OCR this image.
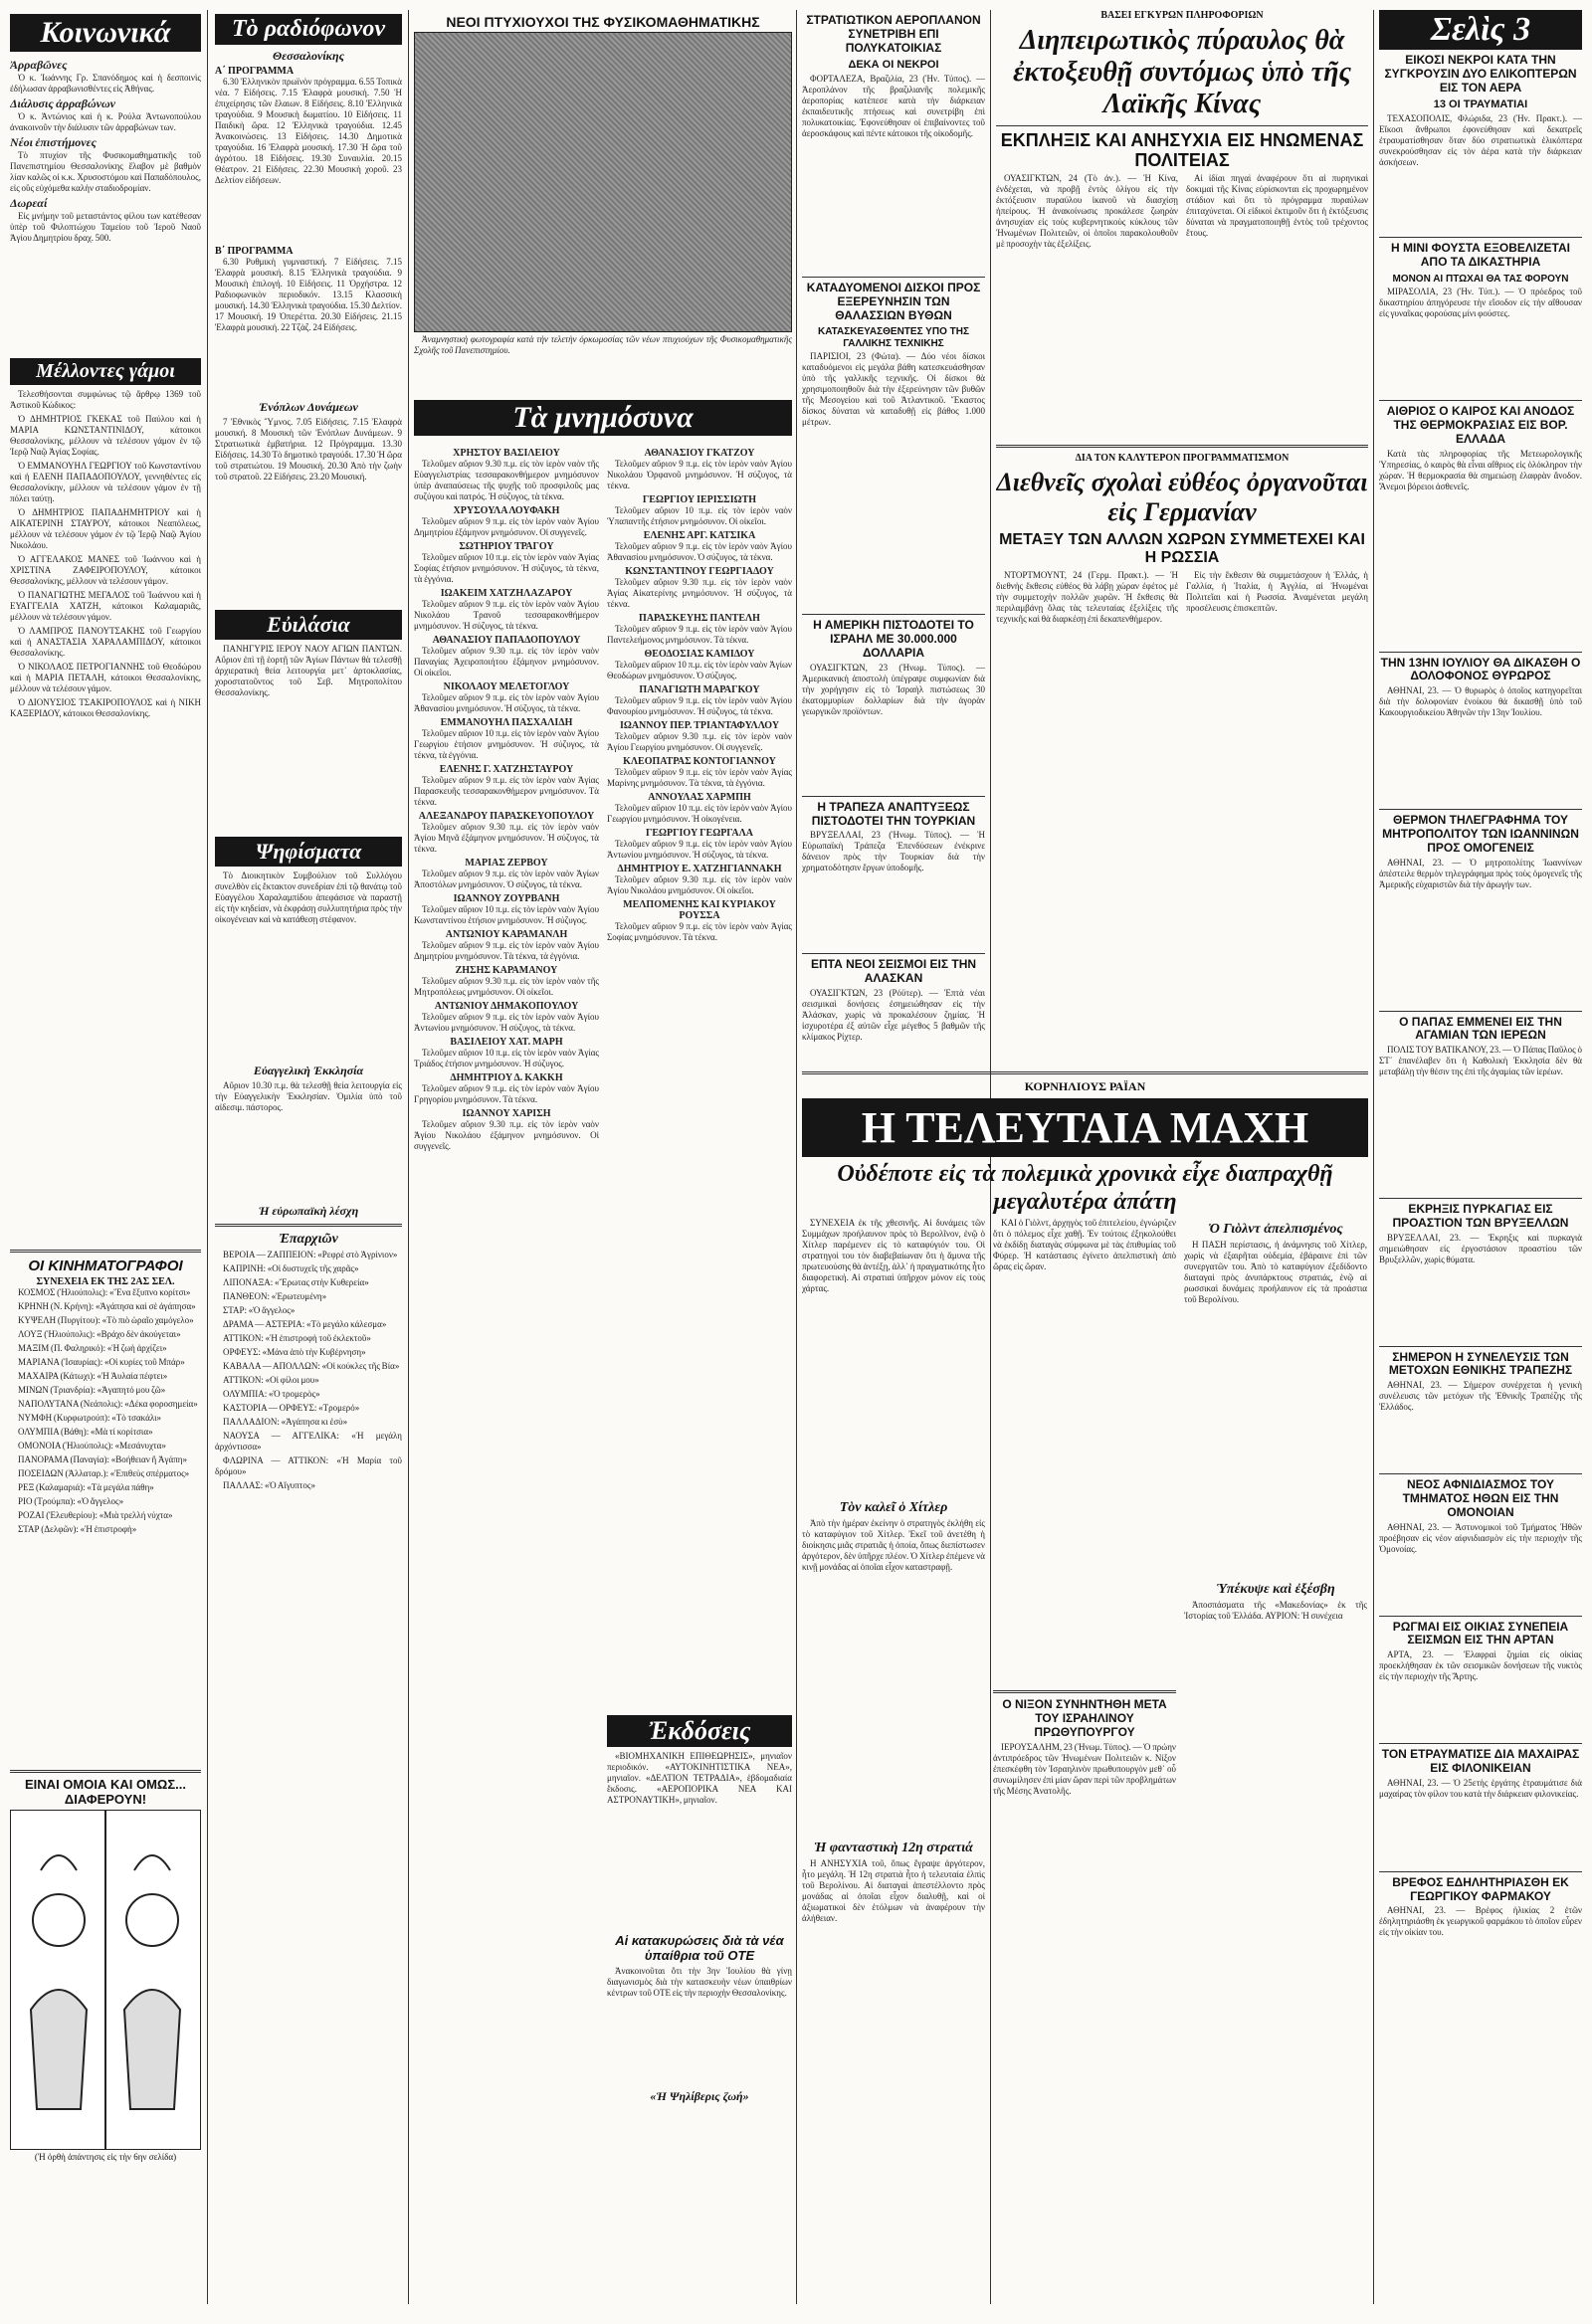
Κοινωνικά
Ἀρραβῶνες

Ὁ κ. Ἰωάννης Γρ. Σπανόδημος καὶ ἡ δεσποινὶς ἐδήλωσαν ἀρραβωνισθέντες εἰς Ἀθήνας.

Διάλυσις ἀρραβώνων

Ὁ κ. Ἀντώνιος καὶ ἡ κ. Ρούλα Ἀντωνοπούλου ἀνακοινοῦν τὴν διάλυσιν τῶν ἀρραβώνων των.

Νέοι ἐπιστήμονες

Τὸ πτυχίον τῆς Φυσικομαθηματικῆς τοῦ Πανεπιστημίου Θεσσαλονίκης ἔλαβον μὲ βαθμὸν λίαν καλῶς οἱ κ.κ. Χρυσοστόμου καὶ Παπαδόπουλος, εἰς οὓς εὐχόμεθα καλὴν σταδιοδρομίαν.

Δωρεαί

Εἰς μνήμην τοῦ μεταστάντος φίλου των κατέθεσαν ὑπὲρ τοῦ Φιλοπτώχου Ταμείου τοῦ Ἱεροῦ Ναοῦ Ἁγίου Δημητρίου δραχ. 500.

Μέλλοντες γάμοι

Τελεσθήσονται συμφώνως τῷ ἄρθρῳ 1369 τοῦ Ἀστικοῦ Κώδικος:

Ὁ ΔΗΜΗΤΡΙΟΣ ΓΚΕΚΑΣ τοῦ Παύλου καὶ ἡ ΜΑΡΙΑ ΚΩΝΣΤΑΝΤΙΝΙΔΟΥ, κάτοικοι Θεσσαλονίκης, μέλλουν νὰ τελέσουν γάμον ἐν τῷ Ἱερῷ Ναῷ Ἁγίας Σοφίας.

Ὁ ΕΜΜΑΝΟΥΗΛ ΓΕΩΡΓΙΟΥ τοῦ Κωνσταντίνου καὶ ἡ ΕΛΕΝΗ ΠΑΠΑΔΟΠΟΥΛΟΥ, γεννηθέντες εἰς Θεσσαλονίκην, μέλλουν νὰ τελέσουν γάμον ἐν τῇ πόλει ταύτῃ.

Ὁ ΔΗΜΗΤΡΙΟΣ ΠΑΠΑΔΗΜΗΤΡΙΟΥ καὶ ἡ ΑΙΚΑΤΕΡΙΝΗ ΣΤΑΥΡΟΥ, κάτοικοι Νεαπόλεως, μέλλουν νὰ τελέσουν γάμον ἐν τῷ Ἱερῷ Ναῷ Ἁγίου Νικολάου.

Ὁ ΑΓΓΕΛΑΚΟΣ ΜΑΝΕΣ τοῦ Ἰωάννου καὶ ἡ ΧΡΙΣΤΙΝΑ ΖΑΦΕΙΡΟΠΟΥΛΟΥ, κάτοικοι Θεσσαλονίκης, μέλλουν νὰ τελέσουν γάμον.

Ὁ ΠΑΝΑΓΙΩΤΗΣ ΜΕΓΑΛΟΣ τοῦ Ἰωάννου καὶ ἡ ΕΥΑΓΓΕΛΙΑ ΧΑΤΖΗ, κάτοικοι Καλαμαριᾶς, μέλλουν νὰ τελέσουν γάμον.

Ὁ ΛΑΜΠΡΟΣ ΠΑΝΟΥΤΣΑΚΗΣ τοῦ Γεωργίου καὶ ἡ ΑΝΑΣΤΑΣΙΑ ΧΑΡΑΛΑΜΠΙΔΟΥ, κάτοικοι Θεσσαλονίκης.

Ὁ ΝΙΚΟΛΑΟΣ ΠΕΤΡΟΓΙΑΝΝΗΣ τοῦ Θεοδώρου καὶ ἡ ΜΑΡΙΑ ΠΕΤΑΛΗ, κάτοικοι Θεσσαλονίκης, μέλλουν νὰ τελέσουν γάμον.

Ὁ ΔΙΟΝΥΣΙΟΣ ΤΣΑΚΙΡΟΠΟΥΛΟΣ καὶ ἡ ΝΙΚΗ ΚΑΞΕΡΙΔΟΥ, κάτοικοι Θεσσαλονίκης.

ΟΙ ΚΙΝΗΜΑΤΟΓΡΑΦΟΙ
ΣΥΝΕΧΕΙΑ ΕΚ ΤΗΣ 2ΑΣ ΣΕΛ.

ΚΟΣΜΟΣ (Ἡλιούπολις): «Ἕνα ἔξυπνο κορίτσι»

ΚΡΗΝΗ (Ν. Κρήνη): «Ἀγάπησα καὶ σὲ ἀγάπησα»

ΚΥΨΕΛΗ (Πυργίτου): «Τὸ πιὸ ὡραῖο χαμόγελο»

ΛΟΥΞ (Ἡλιούπολις): «Βράχο δὲν ἀκούγεται»

ΜΑΞΙΜ (Π. Φαληρικό): «Ἡ ζωὴ ἀρχίζει»

ΜΑΡΙΑΝΑ (Ἰσαυρίας): «Οἱ κυρίες τοῦ Μπάρ»

ΜΑΧΑΙΡΑ (Κάτωχι): «Ἡ Ἀυλαία πέφτει»

ΜΙΝΩΝ (Τριανδρία): «Ἀγαπητό μου ζῶ»

ΝΑΠΟΛΥΤΑΝΑ (Νεάπολις): «Δέκα φοροσημεία»

ΝΥΜΦΗ (Κυρφωτρούπ): «Τὸ τσακάλι»

ΟΛΥΜΠΙΑ (Βάθη): «Μὰ τί κορίτσια»

ΟΜΟΝΟΙΑ (Ἡλιούπολις): «Μεσάνυχτα»

ΠΑΝΟΡΑΜΑ (Παναγία): «Βοήθειαν ἢ Ἀγάπη»

ΠΟΣΕΙΔΩΝ (Ἀλλαταρ.): «Ἐπιθεὺς σπέρματος»

ΡΕΞ (Καλαμαριά): «Τὰ μεγάλα πάθη»

ΡΙΟ (Τρούμπα): «Ὁ ἄγγελος»

ΡΟΖΑΙ (Ἐλευθερίου): «Μιὰ τρελλή νύχτα»

ΣΤΑΡ (Δελφῶν): «Ἡ ἐπιστροφὴ»

ΕΙΝΑΙ ΟΜΟΙΑ ΚΑΙ ΟΜΩΣ... ΔΙΑΦΕΡΟΥΝ!
(Ἡ ὀρθὴ ἀπάντησις εἰς τὴν 6ην σελίδα)
Τὸ ραδιόφωνον
Θεσσαλονίκης
Α΄ ΠΡΟΓΡΑΜΜΑ

6.30 Ἑλληνικὸν πρωϊνὸν πρόγραμμα. 6.55 Τοπικὰ νέα. 7 Εἰδήσεις. 7.15 Ἐλαφρὰ μουσική. 7.50 Ἡ ἐπιχείρησις τῶν ἔλαιων. 8 Εἰδήσεις. 8.10 Ἑλληνικὰ τραγούδια. 9 Μουσικὴ δωματίου. 10 Εἰδήσεις. 11 Παιδικὴ ὥρα. 12 Ἑλληνικὰ τραγούδια. 12.45 Ἀνακοινώσεις. 13 Εἰδήσεις. 14.30 Δημοτικὰ τραγούδια. 16 Ἐλαφρὰ μουσική. 17.30 Ἡ ὥρα τοῦ ἀγρότου. 18 Εἰδήσεις. 19.30 Συναυλία. 20.15 Θέατρον. 21 Εἰδήσεις. 22.30 Μουσικὴ χοροῦ. 23 Δελτίον εἰδήσεων.

Β΄ ΠΡΟΓΡΑΜΜΑ

6.30 Ρυθμικὴ γυμναστική. 7 Εἰδήσεις. 7.15 Ἐλαφρὰ μουσική. 8.15 Ἑλληνικὰ τραγούδια. 9 Μουσικὴ ἐπιλογή. 10 Εἰδήσεις. 11 Ὀρχήστρα. 12 Ραδιοφωνικὸν περιοδικόν. 13.15 Κλασσικὴ μουσική. 14.30 Ἑλληνικὰ τραγούδια. 15.30 Δελτίον. 17 Μουσική. 19 Ὀπερέττα. 20.30 Εἰδήσεις. 21.15 Ἐλαφρὰ μουσική. 22 Τζὰζ. 24 Εἰδήσεις.

Ἐνόπλων Δυνάμεων

7 Ἐθνικὸς Ὕμνος. 7.05 Εἰδήσεις. 7.15 Ἐλαφρὰ μουσική. 8 Μουσικὴ τῶν Ἐνόπλων Δυνάμεων. 9 Στρατιωτικὰ ἐμβατήρια. 12 Πρόγραμμα. 13.30 Εἰδήσεις. 14.30 Τὸ δημοτικὸ τραγούδι. 17.30 Ἡ ὥρα τοῦ στρατιώτου. 19 Μουσική. 20.30 Ἀπὸ τὴν ζωὴν τοῦ στρατοῦ. 22 Εἰδήσεις. 23.20 Μουσική.

Εὐιλάσια

ΠΑΝΗΓΥΡΙΣ ΙΕΡΟΥ ΝΑΟΥ ΑΓΙΩΝ ΠΑΝΤΩΝ. Αὔριον ἐπὶ τῇ ἑορτῇ τῶν Ἁγίων Πάντων θὰ τελεσθῇ ἀρχιερατικὴ θεία λειτουργία μετ᾽ ἀρτοκλασίας, χοροστατοῦντος τοῦ Σεβ. Μητροπολίτου Θεσσαλονίκης.

Ψηφίσματα

Τὸ Διοικητικὸν Συμβούλιον τοῦ Συλλόγου συνελθὸν εἰς ἔκτακτον συνεδρίαν ἐπὶ τῷ θανάτῳ τοῦ Εὐαγγέλου Χαραλαμπίδου ἀπεφάσισε νὰ παραστῇ εἰς τὴν κηδείαν, νὰ ἐκφράσῃ συλλυπητήρια πρὸς τὴν οἰκογένειαν καὶ νὰ κατάθεσῃ στέφανον.

Εὐαγγελικὴ Ἐκκλησία

Αὔριον 10.30 π.μ. θὰ τελεσθῇ θεία λειτουργία εἰς τὴν Εὐαγγελικὴν Ἐκκλησίαν. Ὁμιλία ὑπὸ τοῦ αἰδεσιμ. πάστορος.

Ἡ εὐρωπαϊκὴ λέσχη
Ἐπαρχιῶν

ΒΕΡΟΙΑ — ΖΑΠΠΕΙΟΝ: «Ρεφρέ στὸ Ἀγρίνιον»

ΚΑΠΡΙΝΗ: «Οἱ δυστυχεῖς τῆς χαρᾶς»

ΛΙΠΟΝΑΞΑ: «Ἔρωτας στὴν Κυθερεία»

ΠΑΝΘΕΟΝ: «Ἐρωτευμένη»

ΣΤΑΡ: «Ὁ ἄγγελος»

ΔΡΑΜΑ — ΑΣΤΕΡΙΑ: «Τὸ μεγάλο κάλεσμα»

ΑΤΤΙΚΟΝ: «Ἡ ἐπιστροφὴ τοῦ ἐκλεκτοῦ»

ΟΡΦΕΥΣ: «Μάνα ἀπὸ τὴν Κυβέρνηση»

ΚΑΒΑΛΑ — ΑΠΟΛΛΩΝ: «Οἱ κούκλες τῆς Βία»

ΑΤΤΙΚΟΝ: «Οἱ φίλοι μου»

ΟΛΥΜΠΙΑ: «Ὁ τρομερὸς»

ΚΑΣΤΟΡΙΑ — ΟΡΦΕΥΣ: «Τρομερό»

ΠΑΛΛΑΔΙΟΝ: «Ἀγάπησα κι ἐσὺ»

ΝΑΟΥΣΑ — ΑΓΓΕΛΙΚΑ: «Ἡ μεγάλη ἀρχόντισσα»

ΦΛΩΡΙΝΑ — ΑΤΤΙΚΟΝ: «Ἡ Μαρία τοῦ δρόμου»

ΠΑΛΛΑΣ: «Ὁ Αἴγυπτος»

ΝΕΟΙ ΠΤΥΧΙΟΥΧΟΙ ΤΗΣ ΦΥΣΙΚΟΜΑΘΗΜΑΤΙΚΗΣ

Ἀναμνηστικὴ φωτογραφία κατὰ τὴν τελετὴν ὁρκωμοσίας τῶν νέων πτυχιούχων τῆς Φυσικομαθηματικῆς Σχολῆς τοῦ Πανεπιστημίου.

Τὰ μνημόσυνα
ΧΡΗΣΤΟΥ ΒΑΣΙΛΕΙΟΥ

Τελοῦμεν αὔριον 9.30 π.μ. εἰς τὸν ἱερὸν ναὸν τῆς Εὐαγγελιστρίας τεσσαρακονθήμερον μνημόσυνον ὑπὲρ ἀναπαύσεως τῆς ψυχῆς τοῦ προσφιλοῦς μας συζύγου καὶ πατρός. Ἡ σύζυγος, τὰ τέκνα.

ΧΡΥΣΟΥΛΑ ΛΟΥΦΑΚΗ

Τελοῦμεν αὔριον 9 π.μ. εἰς τὸν ἱερὸν ναὸν Ἁγίου Δημητρίου ἐξάμηνον μνημόσυνον. Οἱ συγγενεῖς.

ΣΩΤΗΡΙΟΥ ΤΡΑΓΟΥ

Τελοῦμεν αὔριον 10 π.μ. εἰς τὸν ἱερὸν ναὸν Ἁγίας Σοφίας ἐτήσιον μνημόσυνον. Ἡ σύζυγος, τὰ τέκνα, τὰ ἐγγόνια.

ΙΩΑΚΕΙΜ ΧΑΤΖΗΛΑΖΑΡΟΥ

Τελοῦμεν αὔριον 9 π.μ. εἰς τὸν ἱερὸν ναὸν Ἁγίου Νικολάου Τρανοῦ τεσσαρακονθήμερον μνημόσυνον. Ἡ σύζυγος, τὰ τέκνα.

ΑΘΑΝΑΣΙΟΥ ΠΑΠΑΔΟΠΟΥΛΟΥ

Τελοῦμεν αὔριον 9.30 π.μ. εἰς τὸν ἱερὸν ναὸν Παναγίας Ἀχειροποιήτου ἐξάμηνον μνημόσυνον. Οἱ οἰκεῖοι.

ΝΙΚΟΛΑΟΥ ΜΕΛΕΤΟΓΛΟΥ

Τελοῦμεν αὔριον 9 π.μ. εἰς τὸν ἱερὸν ναὸν Ἁγίου Ἀθανασίου μνημόσυνον. Ἡ σύζυγος, τὰ τέκνα.

ΕΜΜΑΝΟΥΗΛ ΠΑΣΧΑΛΙΔΗ

Τελοῦμεν αὔριον 10 π.μ. εἰς τὸν ἱερὸν ναὸν Ἁγίου Γεωργίου ἐτήσιον μνημόσυνον. Ἡ σύζυγος, τὰ τέκνα, τὰ ἐγγόνια.

ΕΛΕΝΗΣ Γ. ΧΑΤΖΗΣΤΑΥΡΟΥ

Τελοῦμεν αὔριον 9 π.μ. εἰς τὸν ἱερὸν ναὸν Ἁγίας Παρασκευῆς τεσσαρακονθήμερον μνημόσυνον. Τὰ τέκνα.

ΑΛΕΞΑΝΔΡΟΥ ΠΑΡΑΣΚΕΥΟΠΟΥΛΟΥ

Τελοῦμεν αὔριον 9.30 π.μ. εἰς τὸν ἱερὸν ναὸν Ἁγίου Μηνᾶ ἐξάμηνον μνημόσυνον. Ἡ σύζυγος, τὰ τέκνα.

ΜΑΡΙΑΣ ΖΕΡΒΟΥ

Τελοῦμεν αὔριον 9 π.μ. εἰς τὸν ἱερὸν ναὸν Ἁγίων Ἀποστόλων μνημόσυνον. Ὁ σύζυγος, τὰ τέκνα.

ΙΩΑΝΝΟΥ ΖΟΥΡΒΑΝΗ

Τελοῦμεν αὔριον 10 π.μ. εἰς τὸν ἱερὸν ναὸν Ἁγίου Κωνσταντίνου ἐτήσιον μνημόσυνον. Ἡ σύζυγος.

ΑΝΤΩΝΙΟΥ ΚΑΡΑΜΑΝΛΗ

Τελοῦμεν αὔριον 9 π.μ. εἰς τὸν ἱερὸν ναὸν Ἁγίου Δημητρίου μνημόσυνον. Τὰ τέκνα, τὰ ἐγγόνια.

ΖΗΣΗΣ ΚΑΡΑΜΑΝΟΥ

Τελοῦμεν αὔριον 9.30 π.μ. εἰς τὸν ἱερὸν ναὸν τῆς Μητροπόλεως μνημόσυνον. Οἱ οἰκεῖοι.

ΑΝΤΩΝΙΟΥ ΔΗΜΑΚΟΠΟΥΛΟΥ

Τελοῦμεν αὔριον 9 π.μ. εἰς τὸν ἱερὸν ναὸν Ἁγίου Ἀντωνίου μνημόσυνον. Ἡ σύζυγος, τὰ τέκνα.

ΒΑΣΙΛΕΙΟΥ ΧΑΤ. ΜΑΡΗ

Τελοῦμεν αὔριον 10 π.μ. εἰς τὸν ἱερὸν ναὸν Ἁγίας Τριάδος ἐτήσιον μνημόσυνον. Ἡ σύζυγος.

ΔΗΜΗΤΡΙΟΥ Δ. ΚΑΚΚΗ

Τελοῦμεν αὔριον 9 π.μ. εἰς τὸν ἱερὸν ναὸν Ἁγίου Γρηγορίου μνημόσυνον. Τὰ τέκνα.

ΙΩΑΝΝΟΥ ΧΑΡΙΣΗ

Τελοῦμεν αὔριον 9.30 π.μ. εἰς τὸν ἱερὸν ναὸν Ἁγίου Νικολάου ἐξάμηνον μνημόσυνον. Οἱ συγγενεῖς.

ΑΘΑΝΑΣΙΟΥ ΓΚΑΤΖΟΥ

Τελοῦμεν αὔριον 9 π.μ. εἰς τὸν ἱερὸν ναὸν Ἁγίου Νικολάου Ὀρφανοῦ μνημόσυνον. Ἡ σύζυγος, τὰ τέκνα.

ΓΕΩΡΓΙΟΥ ΙΕΡΙΣΣΙΩΤΗ

Τελοῦμεν αὔριον 10 π.μ. εἰς τὸν ἱερὸν ναὸν Ὑπαπαντῆς ἐτήσιον μνημόσυνον. Οἱ οἰκεῖοι.

ΕΛΕΝΗΣ ΑΡΓ. ΚΑΤΣΙΚΑ

Τελοῦμεν αὔριον 9 π.μ. εἰς τὸν ἱερὸν ναὸν Ἁγίου Ἀθανασίου μνημόσυνον. Ὁ σύζυγος, τὰ τέκνα.

ΚΩΝΣΤΑΝΤΙΝΟΥ ΓΕΩΡΓΙΑΔΟΥ

Τελοῦμεν αὔριον 9.30 π.μ. εἰς τὸν ἱερὸν ναὸν Ἁγίας Αἰκατερίνης μνημόσυνον. Ἡ σύζυγος, τὰ τέκνα.

ΠΑΡΑΣΚΕΥΗΣ ΠΑΝΤΕΛΗ

Τελοῦμεν αὔριον 9 π.μ. εἰς τὸν ἱερὸν ναὸν Ἁγίου Παντελεήμονος μνημόσυνον. Τὰ τέκνα.

ΘΕΟΔΟΣΙΑΣ ΚΑΜΙΔΟΥ

Τελοῦμεν αὔριον 10 π.μ. εἰς τὸν ἱερὸν ναὸν Ἁγίων Θεοδώρων μνημόσυνον. Ὁ σύζυγος.

ΠΑΝΑΓΙΩΤΗ ΜΑΡΑΓΚΟΥ

Τελοῦμεν αὔριον 9 π.μ. εἰς τὸν ἱερὸν ναὸν Ἁγίου Φανουρίου μνημόσυνον. Ἡ σύζυγος, τὰ τέκνα.

ΙΩΑΝΝΟΥ ΠΕΡ. ΤΡΙΑΝΤΑΦΥΛΛΟΥ

Τελοῦμεν αὔριον 9.30 π.μ. εἰς τὸν ἱερὸν ναὸν Ἁγίου Γεωργίου μνημόσυνον. Οἱ συγγενεῖς.

ΚΛΕΟΠΑΤΡΑΣ ΚΟΝΤΟΓΙΑΝΝΟΥ

Τελοῦμεν αὔριον 9 π.μ. εἰς τὸν ἱερὸν ναὸν Ἁγίας Μαρίνης μνημόσυνον. Τὰ τέκνα, τὰ ἐγγόνια.

ΑΝΝΟΥΛΑΣ ΧΑΡΜΠΗ

Τελοῦμεν αὔριον 10 π.μ. εἰς τὸν ἱερὸν ναὸν Ἁγίου Γεωργίου μνημόσυνον. Ἡ οἰκογένεια.

ΓΕΩΡΓΙΟΥ ΓΕΩΡΓΑΛΑ

Τελοῦμεν αὔριον 9 π.μ. εἰς τὸν ἱερὸν ναὸν Ἁγίου Ἀντωνίου μνημόσυνον. Ἡ σύζυγος, τὰ τέκνα.

ΔΗΜΗΤΡΙΟΥ Ε. ΧΑΤΖΗΓΙΑΝΝΑΚΗ

Τελοῦμεν αὔριον 9.30 π.μ. εἰς τὸν ἱερὸν ναὸν Ἁγίου Νικολάου μνημόσυνον. Οἱ οἰκεῖοι.

ΜΕΛΠΟΜΕΝΗΣ ΚΑΙ ΚΥΡΙΑΚΟΥ ΡΟΥΣΣΑ

Τελοῦμεν αὔριον 9 π.μ. εἰς τὸν ἱερὸν ναὸν Ἁγίας Σοφίας μνημόσυνον. Τὰ τέκνα.

Ἐκδόσεις

«ΒΙΟΜΗΧΑΝΙΚΗ ΕΠΙΘΕΩΡΗΣΙΣ», μηνιαῖον περιοδικόν. «ΑΥΤΟΚΙΝΗΤΙΣΤΙΚΑ ΝΕΑ», μηνιαῖον. «ΔΕΛΤΙΟΝ ΤΕΤΡΑΔΙΑ», ἑβδομαδιαία ἔκδοσις. «ΑΕΡΟΠΟΡΙΚΑ ΝΕΑ ΚΑΙ ΑΣΤΡΟΝΑΥΤΙΚΗ», μηνιαῖον.

Αἱ κατακυρώσεις διὰ τὰ νέα ὑπαίθρια τοῦ ΟΤΕ

Ἀνακοινοῦται ὅτι τὴν 3ην Ἰουλίου θὰ γίνῃ διαγωνισμὸς διὰ τὴν κατασκευὴν νέων ὑπαιθρίων κέντρων τοῦ ΟΤΕ εἰς τὴν περιοχὴν Θεσσαλονίκης.

«Ἡ Ψηλίβερις ζωή»
ΣΤΡΑΤΙΩΤΙΚΟΝ ΑΕΡΟΠΛΑΝΟΝ ΣΥΝΕΤΡΙΒΗ ΕΠΙ ΠΟΛΥΚΑΤΟΙΚΙΑΣ
ΔΕΚΑ ΟΙ ΝΕΚΡΟΙ

ΦΟΡΤΑΛΕΖΑ, Βραζιλία, 23 (Ἠν. Τύπος). — Ἀεροπλάνον τῆς βραζιλιανῆς πολεμικῆς ἀεροπορίας κατέπεσε κατὰ τὴν διάρκειαν ἐκπαιδευτικῆς πτήσεως καὶ συνετρίβη ἐπὶ πολυκατοικίας. Ἐφονεύθησαν οἱ ἐπιβαίνοντες τοῦ ἀεροσκάφους καὶ πέντε κάτοικοι τῆς οἰκοδομῆς.

ΚΑΤΑΔΥΟΜΕΝΟΙ ΔΙΣΚΟΙ ΠΡΟΣ ΕΞΕΡΕΥΝΗΣΙΝ ΤΩΝ ΘΑΛΑΣΣΙΩΝ ΒΥΘΩΝ
ΚΑΤΑΣΚΕΥΑΣΘΕΝΤΕΣ ΥΠΟ ΤΗΣ ΓΑΛΛΙΚΗΣ ΤΕΧΝΙΚΗΣ

ΠΑΡΙΣΙΟΙ, 23 (Φώτα). — Δύο νέοι δίσκοι καταδυόμενοι εἰς μεγάλα βάθη κατεσκευάσθησαν ὑπὸ τῆς γαλλικῆς τεχνικῆς. Οἱ δίσκοι θὰ χρησιμοποιηθοῦν διὰ τὴν ἐξερεύνησιν τῶν βυθῶν τῆς Μεσογείου καὶ τοῦ Ἀτλαντικοῦ. Ἕκαστος δίσκος δύναται νὰ καταδυθῇ εἰς βάθος 1.000 μέτρων.

Η ΑΜΕΡΙΚΗ ΠΙΣΤΟΔΟΤΕΙ ΤΟ ΙΣΡΑΗΛ ΜΕ 30.000.000 ΔΟΛΛΑΡΙΑ

ΟΥΑΣΙΓΚΤΩΝ, 23 (Ἠνωμ. Τύπος). — Ἀμερικανικὴ ἀποστολὴ ὑπέγραψε συμφωνίαν διὰ τὴν χορήγησιν εἰς τὸ Ἰσραὴλ πιστώσεως 30 ἑκατομμυρίων δολλαρίων διὰ τὴν ἀγορὰν γεωργικῶν προϊόντων.

Η ΤΡΑΠΕΖΑ ΑΝΑΠΤΥΞΕΩΣ ΠΙΣΤΟΔΟΤΕΙ ΤΗΝ ΤΟΥΡΚΙΑΝ

ΒΡΥΞΕΛΛΑΙ, 23 (Ἠνωμ. Τύπος). — Ἡ Εὐρωπαϊκὴ Τράπεζα Ἐπενδύσεων ἐνέκρινε δάνειον πρὸς τὴν Τουρκίαν διὰ τὴν χρηματοδότησιν ἔργων ὑποδομῆς.

ΕΠΤΑ ΝΕΟΙ ΣΕΙΣΜΟΙ ΕΙΣ ΤΗΝ ΑΛΑΣΚΑΝ

ΟΥΑΣΙΓΚΤΩΝ, 23 (Ρόϋτερ). — Ἑπτὰ νέαι σεισμικαὶ δονήσεις ἐσημειώθησαν εἰς τὴν Ἀλάσκαν, χωρὶς νὰ προκαλέσουν ζημίας. Ἡ ἰσχυροτέρα ἐξ αὐτῶν εἶχε μέγεθος 5 βαθμῶν τῆς κλίμακος Ρίχτερ.

ΒΑΣΕΙ ΕΓΚΥΡΩΝ ΠΛΗΡΟΦΟΡΙΩΝ
Διηπειρωτικὸς πύραυλος θὰ ἐκτοξευθῇ συντόμως ὑπὸ τῆς Λαϊκῆς Κίνας
ΕΚΠΛΗΞΙΣ ΚΑΙ ΑΝΗΣΥΧΙΑ ΕΙΣ ΗΝΩΜΕΝΑΣ ΠΟΛΙΤΕΙΑΣ

ΟΥΑΣΙΓΚΤΩΝ, 24 (Τὸ ἀν.). — Ἡ Κίνα, ἐνδέχεται, νὰ προβῇ ἐντὸς ὀλίγου εἰς τὴν ἐκτόξευσιν πυραύλου ἱκανοῦ νὰ διασχίσῃ ἠπείρους. Ἡ ἀνακοίνωσις προκάλεσε ζωηρὰν ἀνησυχίαν εἰς τοὺς κυβερνητικοὺς κύκλους τῶν Ἠνωμένων Πολιτειῶν, οἱ ὁποῖοι παρακολουθοῦν μὲ προσοχὴν τὰς ἐξελίξεις.

Αἱ ἰδίαι πηγαὶ ἀναφέρουν ὅτι αἱ πυρηνικαὶ δοκιμαὶ τῆς Κίνας εὑρίσκονται εἰς προχωρημένον στάδιον καὶ ὅτι τὸ πρόγραμμα πυραύλων ἐπιταχύνεται. Οἱ εἰδικοὶ ἐκτιμοῦν ὅτι ἡ ἐκτόξευσις δύναται νὰ πραγματοποιηθῇ ἐντὸς τοῦ τρέχοντος ἔτους.

ΔΙΑ ΤΟΝ ΚΑΛΥΤΕΡΟΝ ΠΡΟΓΡΑΜΜΑΤΙΣΜΟΝ
Διεθνεῖς σχολαὶ εὐθέος ὀργανοῦται εἰς Γερμανίαν
ΜΕΤΑΞΥ ΤΩΝ ΑΛΛΩΝ ΧΩΡΩΝ ΣΥΜΜΕΤΕΧΕΙ ΚΑΙ Η ΡΩΣΣΙΑ

ΝΤΟΡΤΜΟΥΝΤ, 24 (Γερμ. Πρακτ.). — Ἡ διεθνὴς ἔκθεσις εὐθέος θὰ λάβῃ χώραν ἐφέτος μὲ τὴν συμμετοχὴν πολλῶν χωρῶν. Ἡ ἔκθεσις θὰ περιλαμβάνῃ ὅλας τὰς τελευταίας ἐξελίξεις τῆς τεχνικῆς καὶ θὰ διαρκέσῃ ἐπὶ δεκαπενθήμερον.

Εἰς τὴν ἔκθεσιν θὰ συμμετάσχουν ἡ Ἑλλάς, ἡ Γαλλία, ἡ Ἰταλία, ἡ Ἀγγλία, αἱ Ἠνωμέναι Πολιτεῖαι καὶ ἡ Ρωσσία. Ἀναμένεται μεγάλη προσέλευσις ἐπισκεπτῶν.

ΚΟΡΝΗΛΙΟΥΣ ΡΑΪΑΝ
Η ΤΕΛΕΥΤΑΙΑ ΜΑΧΗ
Οὐδέποτε εἰς τὰ πολεμικὰ χρονικὰ εἶχε διαπραχθῇ μεγαλυτέρα ἀπάτη

ΣΥΝΕΧΕΙΑ ἐκ τῆς χθεσινῆς. Αἱ δυνάμεις τῶν Συμμάχων προήλαυνον πρὸς τὸ Βερολῖνον, ἐνῷ ὁ Χίτλερ παρέμενεν εἰς τὸ καταφύγιόν του. Οἱ στρατηγοὶ του τὸν διαβεβαίωναν ὅτι ἡ ἄμυνα τῆς πρωτευούσης θὰ ἀντέξῃ, ἀλλ᾽ ἡ πραγματικότης ἦτο διαφορετική. Αἱ στρατιαὶ ὑπῆρχον μόνον εἰς τοὺς χάρτας.

Τὸν καλεῖ ὁ Χίτλερ

Ἀπὸ τὴν ἡμέραν ἐκείνην ὁ στρατηγὸς ἐκλήθη εἰς τὸ καταφύγιον τοῦ Χίτλερ. Ἐκεῖ τοῦ ἀνετέθη ἡ διοίκησις μιᾶς στρατιᾶς ἡ ὁποία, ὅπως διεπίστωσεν ἀργότερον, δὲν ὑπῆρχε πλέον. Ὁ Χίτλερ ἐπέμενε νὰ κινῇ μονάδας αἱ ὁποῖαι εἶχον καταστραφῇ.

Ἡ φανταστικὴ 12η στρατιά

Η ΑΝΗΣΥΧΙΑ τοῦ, ὅπως ἔγραψε ἀργότερον, ἦτο μεγάλη. Ἡ 12η στρατιὰ ἦτο ἡ τελευταία ἐλπὶς τοῦ Βερολίνου. Αἱ διαταγαὶ ἀπεστέλλοντο πρὸς μονάδας αἱ ὁποῖαι εἶχον διαλυθῇ, καὶ οἱ ἀξιωματικοὶ δὲν ἐτόλμων νὰ ἀναφέρουν τὴν ἀλήθειαν.

ΚΑΙ ὁ Γιὸλντ, ἀρχηγὸς τοῦ ἐπιτελείου, ἐγνώριζεν ὅτι ὁ πόλεμος εἶχε χαθῇ. Ἐν τούτοις ἐξηκολούθει νὰ ἐκδίδῃ διαταγὰς σύμφωνα μὲ τὰς ἐπιθυμίας τοῦ Φύρερ. Ἡ κατάστασις ἐγίνετο ἀπελπιστικὴ ἀπὸ ὥρας εἰς ὥραν.

Ο ΝΙΞΟΝ ΣΥΝΗΝΤΗΘΗ ΜΕΤΑ ΤΟΥ ΙΣΡΑΗΛΙΝΟΥ ΠΡΩΘΥΠΟΥΡΓΟΥ

ΙΕΡΟΥΣΑΛΗΜ, 23 (Ἠνωμ. Τύπος). — Ὁ πρώην ἀντιπρόεδρος τῶν Ἠνωμένων Πολιτειῶν κ. Νίξον ἐπεσκέφθη τὸν Ἰσραηλινὸν πρωθυπουργὸν μεθ᾽ οὗ συνωμίλησεν ἐπὶ μίαν ὥραν περὶ τῶν προβλημάτων τῆς Μέσης Ἀνατολῆς.

Ὁ Γιὸλντ ἀπελπισμένος

Η ΠΑΣΗ περίστασις, ἡ ἀνάμνησις τοῦ Χίτλερ, χωρὶς νὰ ἐξαιρῆται οὐδεμία, ἐβάραινε ἐπὶ τῶν συνεργατῶν του. Ἀπὸ τὸ καταφύγιον ἐξεδίδοντο διαταγαὶ πρὸς ἀνυπάρκτους στρατιάς, ἐνῷ αἱ ρωσσικαὶ δυνάμεις προήλαυνον εἰς τὰ προάστια τοῦ Βερολίνου.

Ὑπέκυψε καὶ ἐξέσβη

Ἀποσπάσματα τῆς «Μακεδονίας» ἐκ τῆς Ἱστορίας τοῦ Ἐλλάδα. ΑΥΡΙΟΝ: Ἡ συνέχεια

Σελὶς 3
ΕΙΚΟΣΙ ΝΕΚΡΟΙ ΚΑΤΑ ΤΗΝ ΣΥΓΚΡΟΥΣΙΝ ΔΥΟ ΕΛΙΚΟΠΤΕΡΩΝ ΕΙΣ ΤΟΝ ΑΕΡΑ
13 ΟΙ ΤΡΑΥΜΑΤΙΑΙ

ΤΕΧΑΣΟΠΟΛΙΣ, Φλώριδα, 23 (Ἠν. Πρακτ.). — Εἴκοσι ἄνθρωποι ἐφονεύθησαν καὶ δεκατρεῖς ἐτραυματίσθησαν ὅταν δύο στρατιωτικὰ ἑλικόπτερα συνεκρούσθησαν εἰς τὸν ἀέρα κατὰ τὴν διάρκειαν ἀσκήσεων.

Η ΜΙΝΙ ΦΟΥΣΤΑ ΕΞΟΒΕΛΙΖΕΤΑΙ ΑΠΟ ΤΑ ΔΙΚΑΣΤΗΡΙΑ
ΜΟΝΟΝ ΑΙ ΠΤΩΧΑΙ ΘΑ ΤΑΣ ΦΟΡΟΥΝ

ΜΙΡΑΣΟΛΙΑ, 23 (Ἠν. Τύπ.). — Ὁ πρόεδρος τοῦ δικαστηρίου ἀπηγόρευσε τὴν εἴσοδον εἰς τὴν αἴθουσαν εἰς γυναῖκας φορούσας μίνι φούστες.

ΑΙΘΡΙΟΣ Ο ΚΑΙΡΟΣ ΚΑΙ ΑΝΟΔΟΣ ΤΗΣ ΘΕΡΜΟΚΡΑΣΙΑΣ ΕΙΣ ΒΟΡ. ΕΛΛΑΔΑ

Κατὰ τὰς πληροφορίας τῆς Μετεωρολογικῆς Ὑπηρεσίας, ὁ καιρὸς θὰ εἶναι αἴθριος εἰς ὁλόκληρον τὴν χώραν. Ἡ θερμοκρασία θὰ σημειώσῃ ἐλαφρὰν ἄνοδον. Ἄνεμοι βόρειοι ἀσθενεῖς.

ΤΗΝ 13ΗΝ ΙΟΥΛΙΟΥ ΘΑ ΔΙΚΑΣΘΗ Ο ΔΟΛΟΦΟΝΟΣ ΘΥΡΩΡΟΣ

ΑΘΗΝΑΙ, 23. — Ὁ θυρωρὸς ὁ ὁποῖος κατηγορεῖται διὰ τὴν δολοφονίαν ἐνοίκου θὰ δικασθῇ ὑπὸ τοῦ Κακουργιοδικείου Ἀθηνῶν τὴν 13ην Ἰουλίου.

ΘΕΡΜΟΝ ΤΗΛΕΓΡΑΦΗΜΑ ΤΟΥ ΜΗΤΡΟΠΟΛΙΤΟΥ ΤΩΝ ΙΩΑΝΝΙΝΩΝ ΠΡΟΣ ΟΜΟΓΕΝΕΙΣ

ΑΘΗΝΑΙ, 23. — Ὁ μητροπολίτης Ἰωαννίνων ἀπέστειλε θερμὸν τηλεγράφημα πρὸς τοὺς ὁμογενεῖς τῆς Ἀμερικῆς εὐχαριστῶν διὰ τὴν ἀρωγήν των.

Ο ΠΑΠΑΣ ΕΜΜΕΝΕΙ ΕΙΣ ΤΗΝ ΑΓΑΜΙΑΝ ΤΩΝ ΙΕΡΕΩΝ

ΠΟΛΙΣ ΤΟΥ ΒΑΤΙΚΑΝΟΥ, 23. — Ὁ Πάπας Παῦλος ὁ ΣΤ΄ ἐπανέλαβεν ὅτι ἡ Καθολικὴ Ἐκκλησία δὲν θὰ μεταβάλῃ τὴν θέσιν της ἐπὶ τῆς ἀγαμίας τῶν ἱερέων.

ΕΚΡΗΞΙΣ ΠΥΡΚΑΓΙΑΣ ΕΙΣ ΠΡΟΑΣΤΙΟΝ ΤΩΝ ΒΡΥΞΕΛΛΩΝ

ΒΡΥΞΕΛΛΑΙ, 23. — Ἐκρηξις καὶ πυρκαγιὰ σημειώθησαν εἰς ἐργοστάσιον προαστίου τῶν Βρυξελλῶν, χωρὶς θύματα.

ΣΗΜΕΡΟΝ Η ΣΥΝΕΛΕΥΣΙΣ ΤΩΝ ΜΕΤΟΧΩΝ ΕΘΝΙΚΗΣ ΤΡΑΠΕΖΗΣ

ΑΘΗΝΑΙ, 23. — Σήμερον συνέρχεται ἡ γενικὴ συνέλευσις τῶν μετόχων τῆς Ἐθνικῆς Τραπέζης τῆς Ἑλλάδος.

ΝΕΟΣ ΑΦΝΙΔΙΑΣΜΟΣ ΤΟΥ ΤΜΗΜΑΤΟΣ ΗΘΩΝ ΕΙΣ ΤΗΝ ΟΜΟΝΟΙΑΝ

ΑΘΗΝΑΙ, 23. — Ἀστυνομικοὶ τοῦ Τμήματος Ἠθῶν προέβησαν εἰς νέον αἰφνιδιασμὸν εἰς τὴν περιοχὴν τῆς Ὁμονοίας.

ΡΩΓΜΑΙ ΕΙΣ ΟΙΚΙΑΣ ΣΥΝΕΠΕΙΑ ΣΕΙΣΜΩΝ ΕΙΣ ΤΗΝ ΑΡΤΑΝ

ΑΡΤΑ, 23. — Ἐλαφραὶ ζημίαι εἰς οἰκίας προεκλήθησαν ἐκ τῶν σεισμικῶν δονήσεων τῆς νυκτὸς εἰς τὴν περιοχὴν τῆς Ἄρτης.

ΤΟΝ ΕΤΡΑΥΜΑΤΙΣΕ ΔΙΑ ΜΑΧΑΙΡΑΣ ΕΙΣ ΦΙΛΟΝΙΚΕΙΑΝ

ΑΘΗΝΑΙ, 23. — Ὁ 25ετὴς ἐργάτης ἐτραυμάτισε διὰ μαχαίρας τὸν φίλον του κατὰ τὴν διάρκειαν φιλονικείας.

ΒΡΕΦΟΣ ΕΔΗΛΗΤΗΡΙΑΣΘΗ ΕΚ ΓΕΩΡΓΙΚΟΥ ΦΑΡΜΑΚΟΥ

ΑΘΗΝΑΙ, 23. — Βρέφος ἡλικίας 2 ἐτῶν ἐδηλητηριάσθη ἐκ γεωργικοῦ φαρμάκου τὸ ὁποῖον εὗρεν εἰς τὴν οἰκίαν του.
